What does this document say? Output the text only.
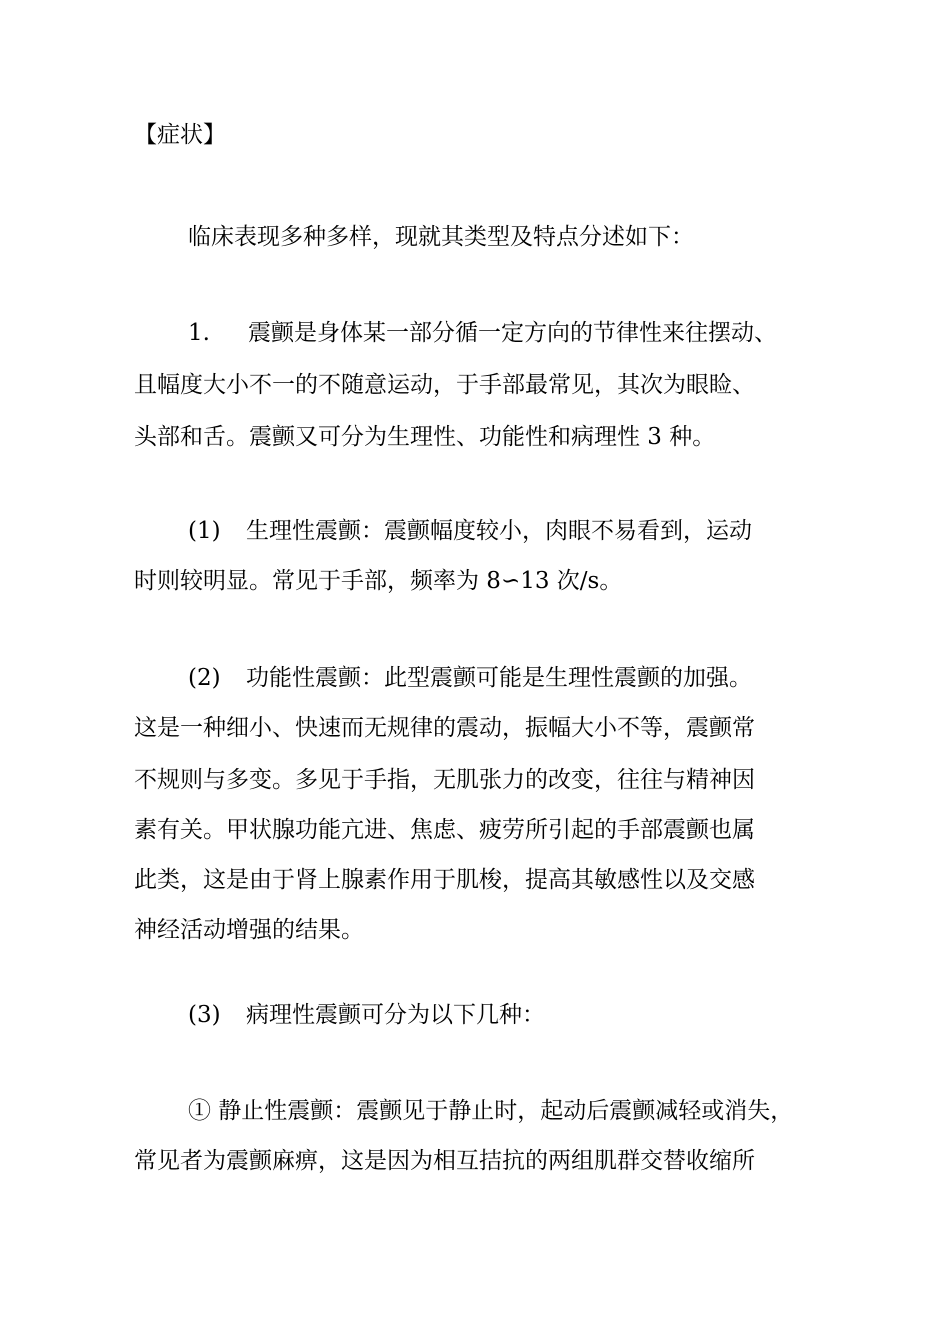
【症状】
临床表现多种多样，现就其类型及特点分述如下：
1. 震颤是身体某一部分循一定方向的节律性来往摆动、
且幅度大小不一的不随意运动，于手部最常见，其次为眼睑、
头部和舌。震颤又可分为生理性、功能性和病理性 3 种。
(1) 生理性震颤：震颤幅度较小，肉眼不易看到，运动
时则较明显。常见于手部，频率为 8∽13 次/s。
(2) 功能性震颤：此型震颤可能是生理性震颤的加强。
这是一种细小、快速而无规律的震动，振幅大小不等，震颤常
不规则与多变。多见于手指，无肌张力的改变，往往与精神因
素有关。甲状腺功能亢进、焦虑、疲劳所引起的手部震颤也属
此类，这是由于肾上腺素作用于肌梭，提高其敏感性以及交感
神经活动增强的结果。
(3) 病理性震颤可分为以下几种：
① 静止性震颤：震颤见于静止时，起动后震颤减轻或消失，
常见者为震颤麻痹，这是因为相互拮抗的两组肌群交替收缩所
